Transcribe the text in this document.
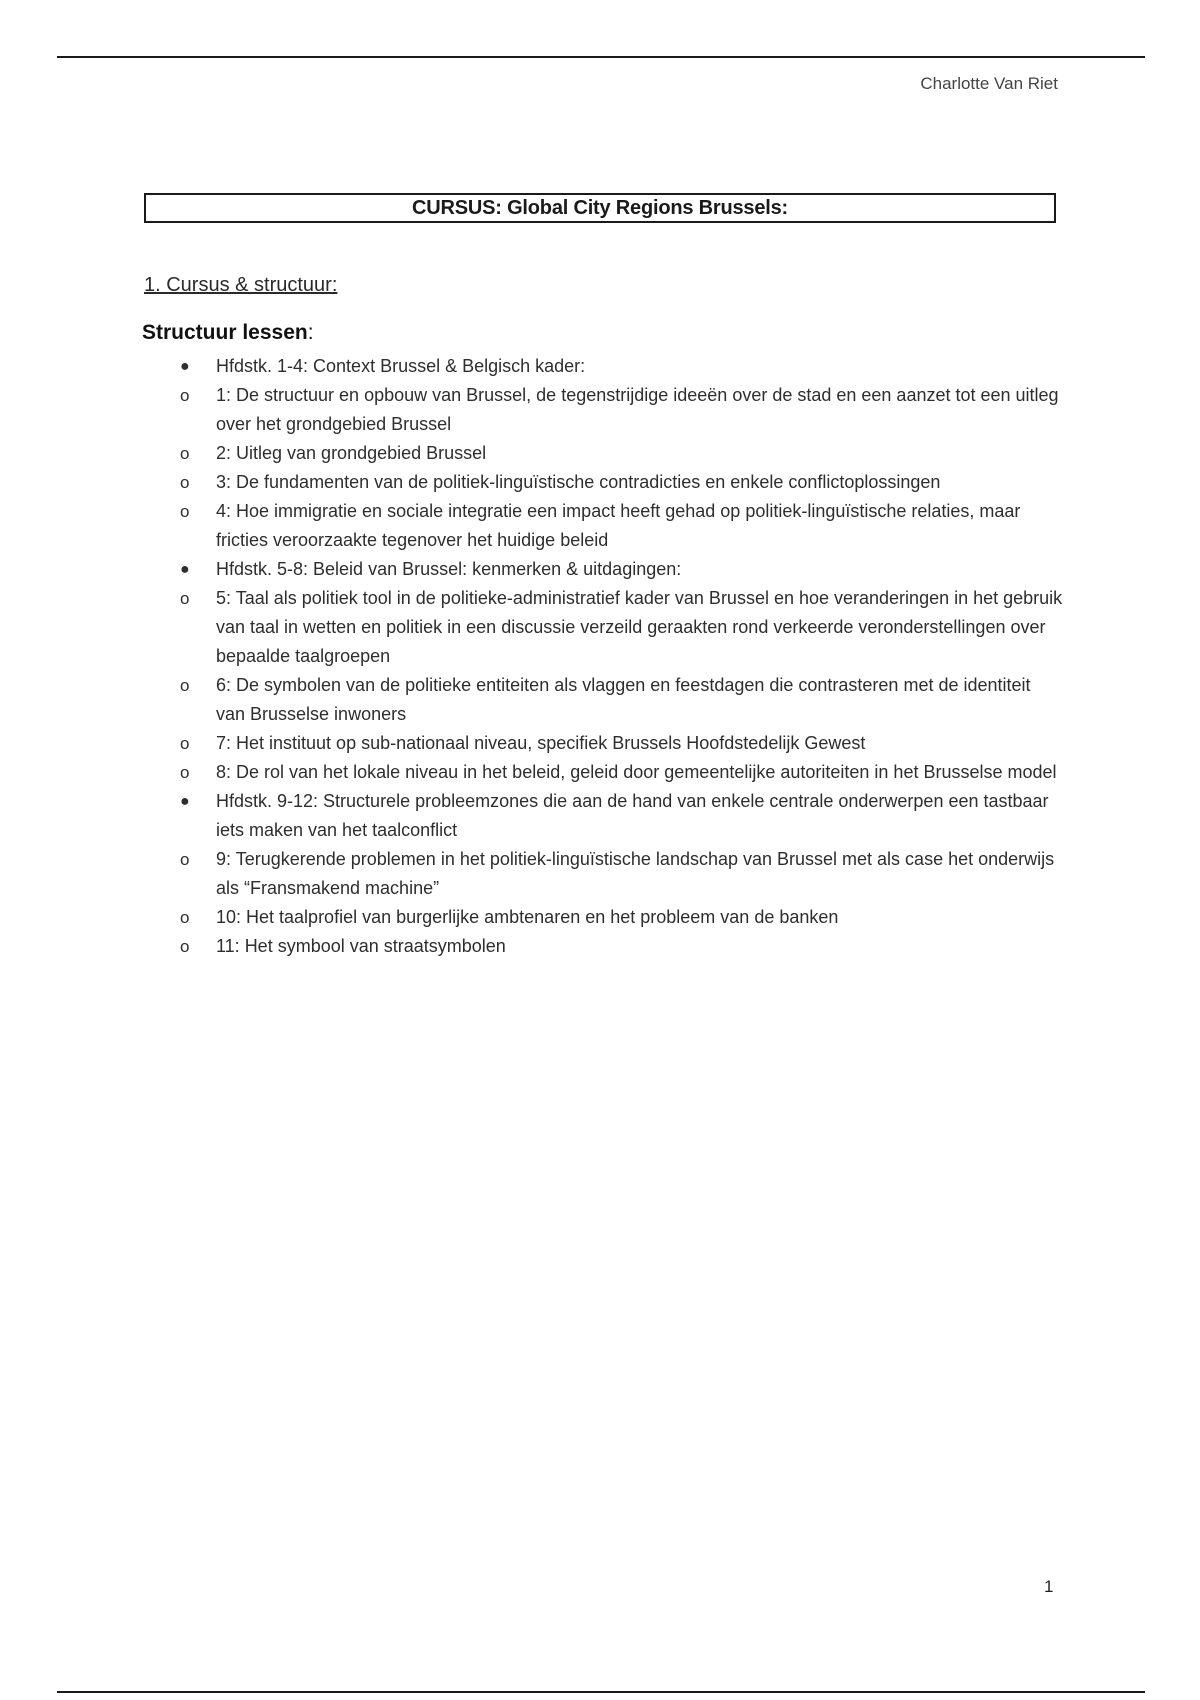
Charlotte Van Riet
CURSUS: Global City Regions Brussels:
1. Cursus & structuur:
Structuur lessen:
● Hfdstk. 1-4: Context Brussel & Belgisch kader:
o 1: De structuur en opbouw van Brussel, de tegenstrijdige ideeën over de stad en een aanzet tot een uitleg over het grondgebied Brussel
o 2: Uitleg van grondgebied Brussel
o 3: De fundamenten van de politiek-linguïstische contradicties en enkele conflictoplossingen
o 4: Hoe immigratie en sociale integratie een impact heeft gehad op politiek-linguïstische relaties, maar fricties veroorzaakte tegenover het huidige beleid
● Hfdstk. 5-8: Beleid van Brussel: kenmerken & uitdagingen:
o 5: Taal als politiek tool in de politieke-administratief kader van Brussel en hoe veranderingen in het gebruik van taal in wetten en politiek in een discussie verzeild geraakten rond verkeerde veronderstellingen over bepaalde taalgroepen
o 6: De symbolen van de politieke entiteiten als vlaggen en feestdagen die contrasteren met de identiteit van Brusselse inwoners
o 7: Het instituut op sub-nationaal niveau, specifiek Brussels Hoofdstedelijk Gewest
o 8: De rol van het lokale niveau in het beleid, geleid door gemeentelijke autoriteiten in het Brusselse model
● Hfdstk. 9-12: Structurele probleemzones die aan de hand van enkele centrale onderwerpen een tastbaar iets maken van het taalconflict
o 9: Terugkerende problemen in het politiek-linguïstische landschap van Brussel met als case het onderwijs als “Fransmakend machine”
o 10: Het taalprofiel van burgerlijke ambtenaren en het probleem van de banken
o 11: Het symbool van straatsymbolen
1
